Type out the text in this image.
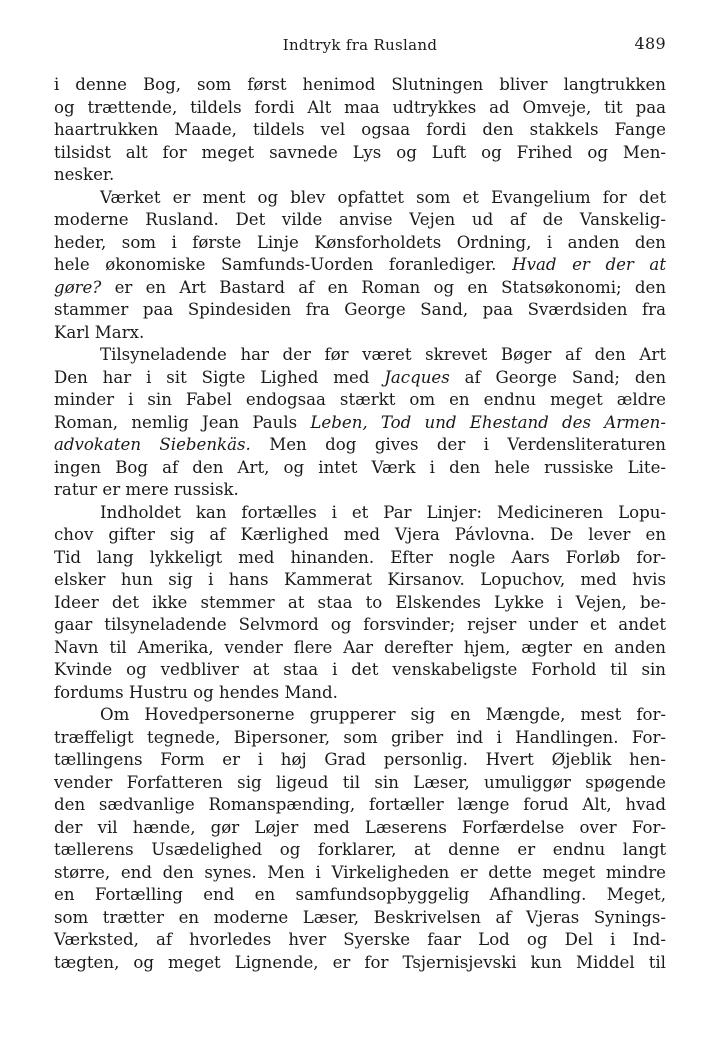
Indtryk fra Rusland	489
i denne Bog, som først henimod Slutningen bliver langtrukken
og trættende, tildels fordi Alt maa udtrykkes ad Omveje, tit paa
haartrukken Maade, tildels vel ogsaa fordi den stakkels Fange
tilsidst alt for meget savnede Lys og Luft og Frihed og Men-
nesker.
Værket er ment og blev opfattet som et Evangelium for det
moderne Rusland. Det vilde anvise Vejen ud af de Vanskelig-
heder, som i første Linje Kønsforholdets Ordning, i anden den
hele økonomiske Samfunds-Uorden foranlediger. Hvad er der at
gøre? er en Art Bastard af en Roman og en Statsøkonomi; den
stammer paa Spindesiden fra George Sand, paa Sværdsiden fra
Karl Marx.
Tilsyneladende har der før været skrevet Bøger af den Art
Den har i sit Sigte Lighed med Jacques af George Sand; den
minder i sin Fabel endogsaa stærkt om en endnu meget ældre
Roman, nemlig Jean Pauls Leben, Tod und Ehestand des Armen-
advokaten Siebenkäs. Men dog gives der i Verdensliteraturen
ingen Bog af den Art, og intet Værk i den hele russiske Lite-
ratur er mere russisk.
Indholdet kan fortælles i et Par Linjer: Medicineren Lopu-
chov gifter sig af Kærlighed med Vjera Pávlovna. De lever en
Tid lang lykkeligt med hinanden. Efter nogle Aars Forløb for-
elsker hun sig i hans Kammerat Kirsanov. Lopuchov, med hvis
Ideer det ikke stemmer at staa to Elskendes Lykke i Vejen, be-
gaar tilsyneladende Selvmord og forsvinder; rejser under et andet
Navn til Amerika, vender flere Aar derefter hjem, ægter en anden
Kvinde og vedbliver at staa i det venskabeligste Forhold til sin
fordums Hustru og hendes Mand.
Om Hovedpersonerne grupperer sig en Mængde, mest for-
træffeligt tegnede, Bipersoner, som griber ind i Handlingen. For-
tællingens Form er i høj Grad personlig. Hvert Øjeblik hen-
vender Forfatteren sig ligeud til sin Læser, umuliggør spøgende
den sædvanlige Romanspænding, fortæller længe forud Alt, hvad
der vil hænde, gør Løjer med Læserens Forfærdelse over For-
tællerens Usædelighed og forklarer, at denne er endnu langt
større, end den synes. Men i Virkeligheden er dette meget mindre
en Fortælling end en samfundsopbyggelig Afhandling. Meget,
som trætter en moderne Læser, Beskrivelsen af Vjeras Synings-
Værksted, af hvorledes hver Syerske faar Lod og Del i Ind-
tægten, og meget Lignende, er for Tsjernisjevski kun Middel til
